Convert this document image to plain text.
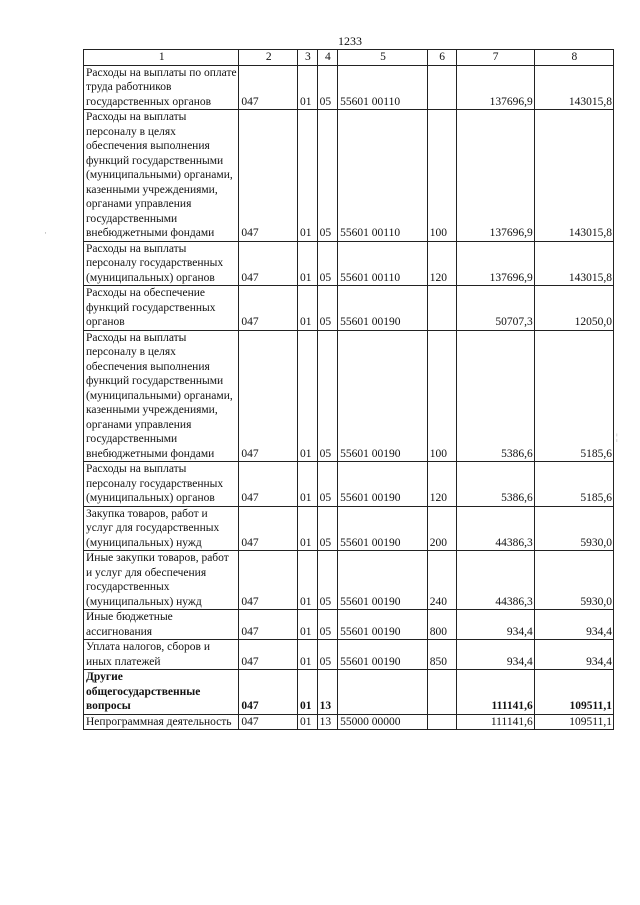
1233
1	2	3	4	5	6	7	8
Расходы на выплаты по оплате труда работников государственных органов	047	01	05	55601 00110		137696,9	143015,8
Расходы на выплаты персоналу в целях обеспечения выполнения функций государственными (муниципальными) органами, казенными учреждениями, органами управления государственными внебюджетными фондами	047	01	05	55601 00110	100	137696,9	143015,8
Расходы на выплаты персоналу государственных (муниципальных) органов	047	01	05	55601 00110	120	137696,9	143015,8
Расходы на обеспечение функций государственных органов	047	01	05	55601 00190		50707,3	12050,0
Расходы на выплаты персоналу в целях обеспечения выполнения функций государственными (муниципальными) органами, казенными учреждениями, органами управления государственными внебюджетными фондами	047	01	05	55601 00190	100	5386,6	5185,6
Расходы на выплаты персоналу государственных (муниципальных) органов	047	01	05	55601 00190	120	5386,6	5185,6
Закупка товаров, работ и услуг для государственных (муниципальных) нужд	047	01	05	55601 00190	200	44386,3	5930,0
Иные закупки товаров, работ и услуг для обеспечения государственных (муниципальных) нужд	047	01	05	55601 00190	240	44386,3	5930,0
Иные бюджетные ассигнования	047	01	05	55601 00190	800	934,4	934,4
Уплата налогов, сборов и иных платежей	047	01	05	55601 00190	850	934,4	934,4
Другие общегосударственные вопросы	047	01	13			111141,6	109511,1
Непрограммная деятельность	047	01	13	55000 00000		111141,6	109511,1
·
¦
